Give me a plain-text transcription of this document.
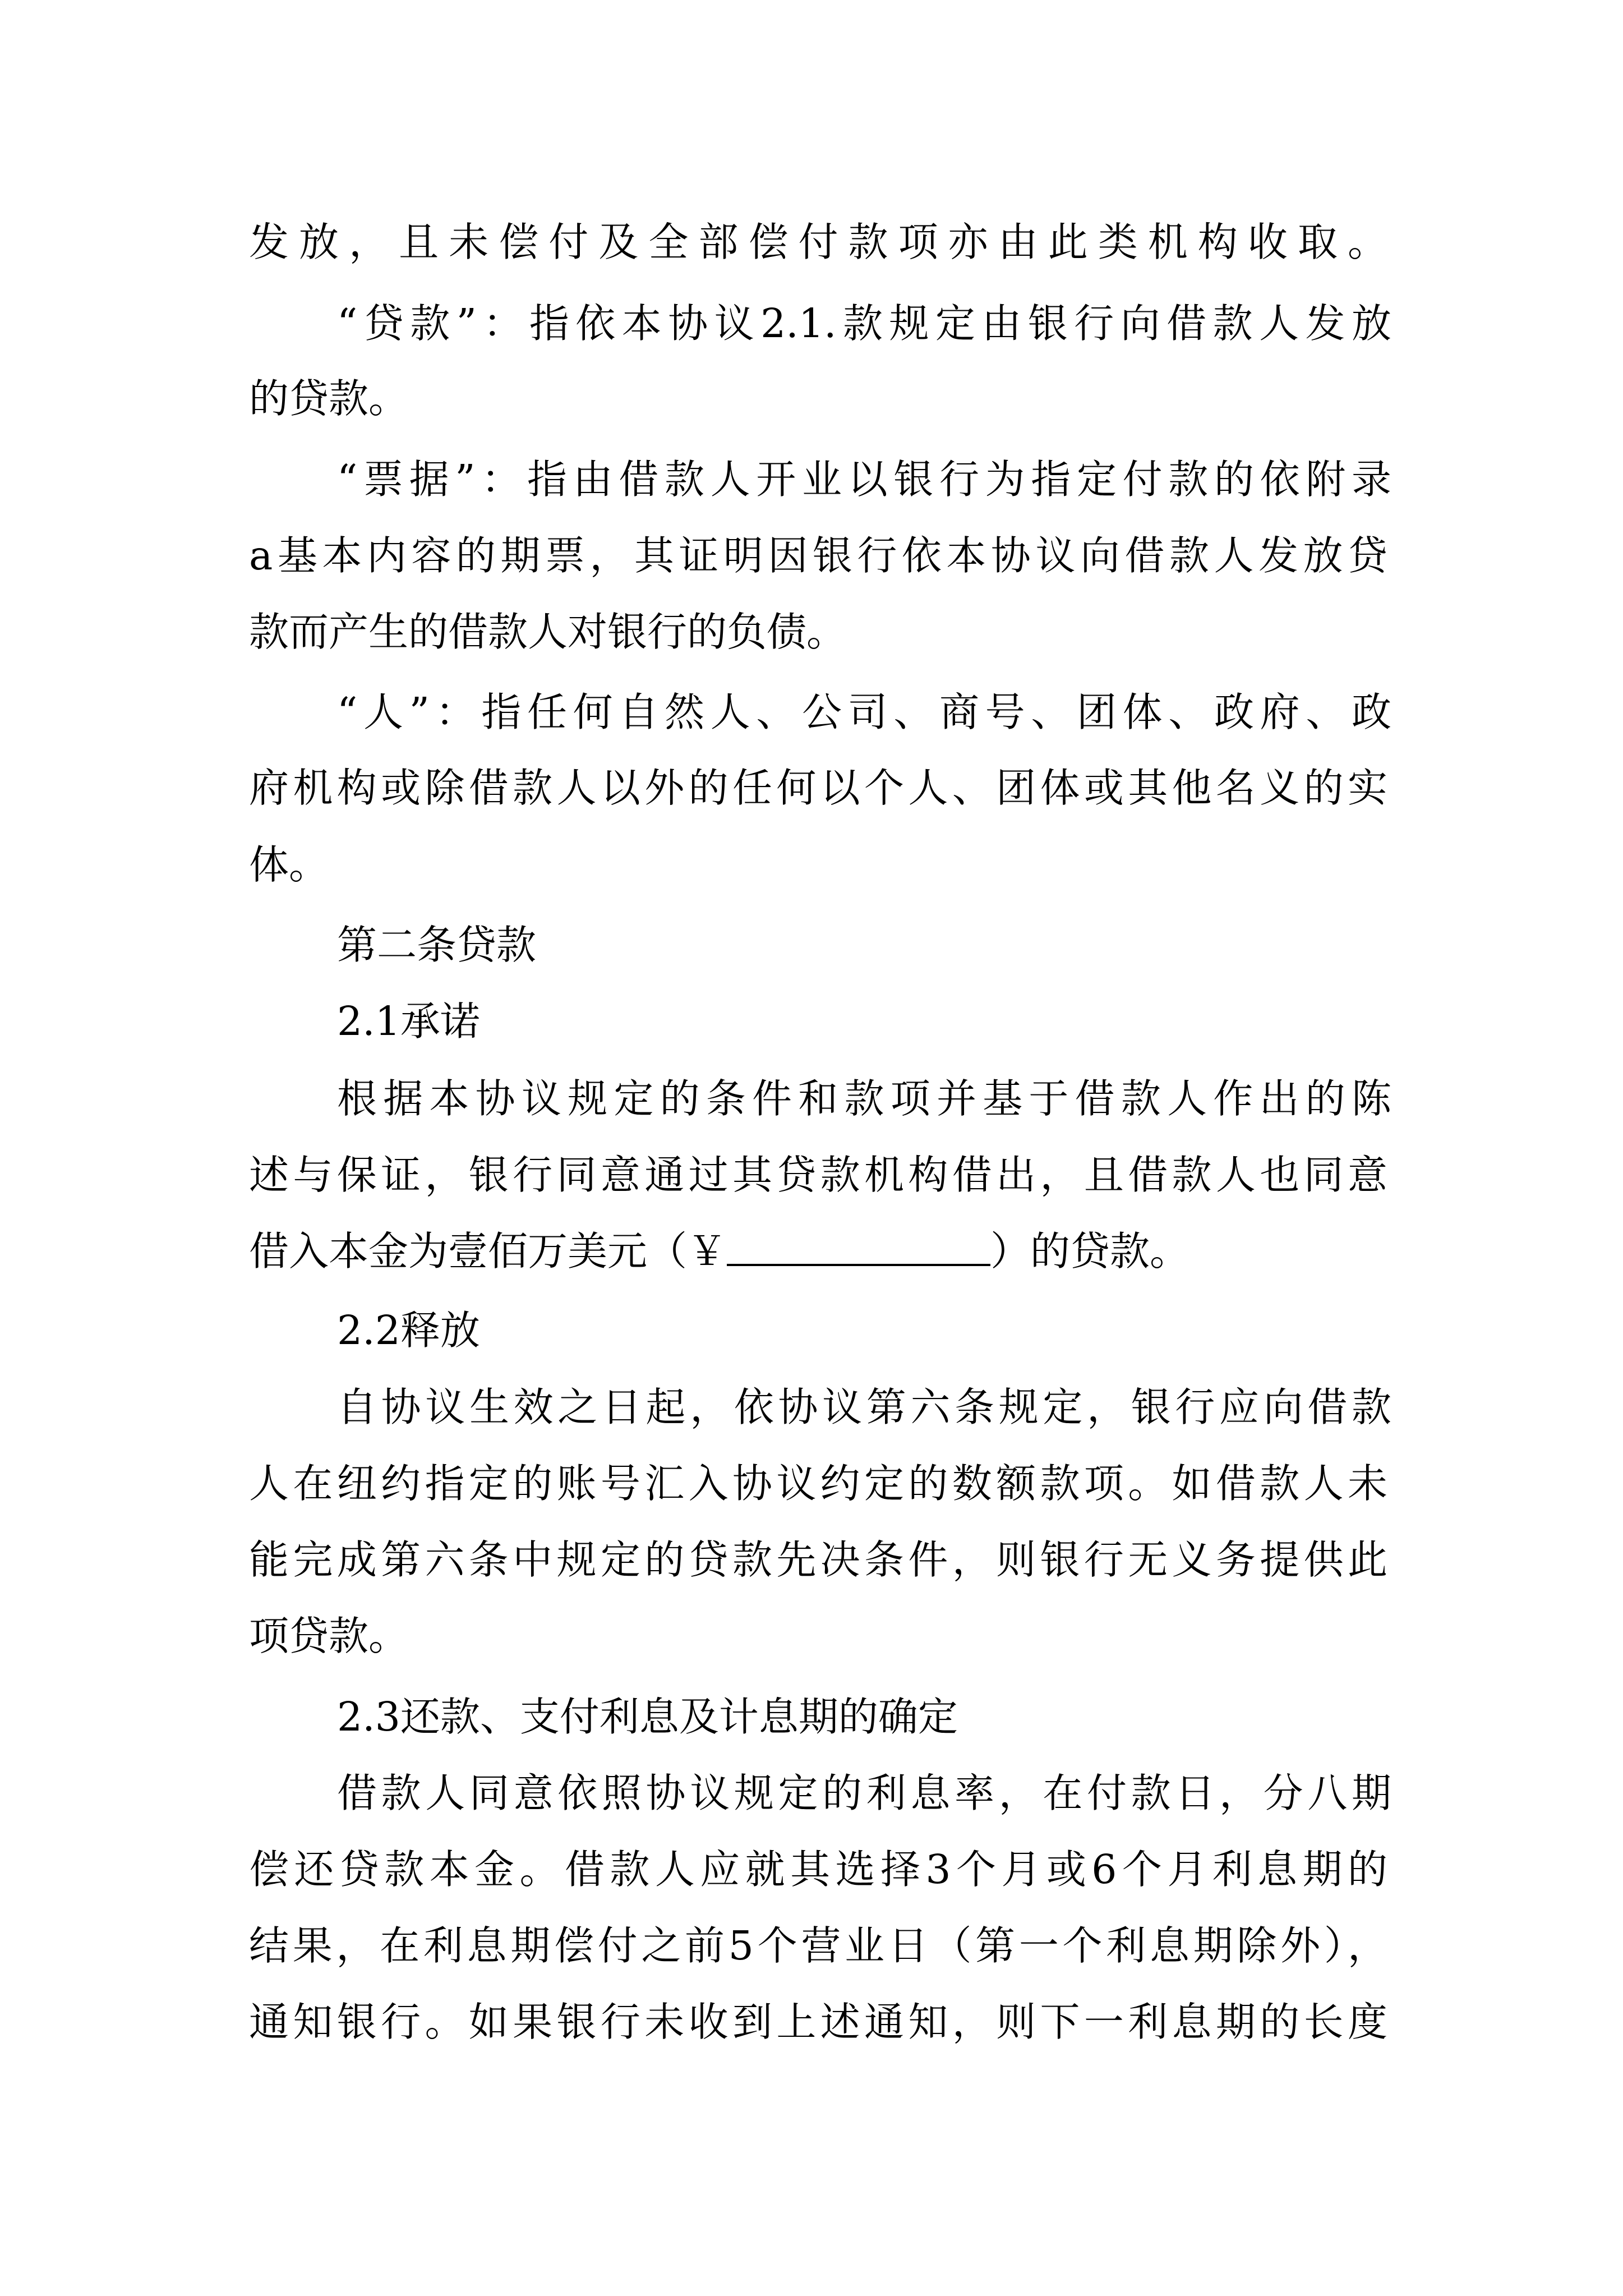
发放，且未偿付及全部偿付款项亦由此类机构收取。
“贷款”：指依本协议2.1.款规定由银行向借款人发放
的贷款。
“票据”：指由借款人开业以银行为指定付款的依附录
a基本内容的期票，其证明因银行依本协议向借款人发放贷
款而产生的借款人对银行的负债。
“人”：指任何自然人、公司、商号、团体、政府、政
府机构或除借款人以外的任何以个人、团体或其他名义的实
体。
第二条贷款
2.1承诺
根据本协议规定的条件和款项并基于借款人作出的陈
述与保证，银行同意通过其贷款机构借出，且借款人也同意
借入本金为壹佰万美元（￥	）的贷款。
2.2释放
自协议生效之日起，依协议第六条规定，银行应向借款
人在纽约指定的账号汇入协议约定的数额款项。如借款人未
能完成第六条中规定的贷款先决条件，则银行无义务提供此
项贷款。
2.3还款、支付利息及计息期的确定
借款人同意依照协议规定的利息率，在付款日，分八期
偿还贷款本金。借款人应就其选择3个月或6个月利息期的
结果，在利息期偿付之前5个营业日（第一个利息期除外），
通知银行。如果银行未收到上述通知，则下一利息期的长度
